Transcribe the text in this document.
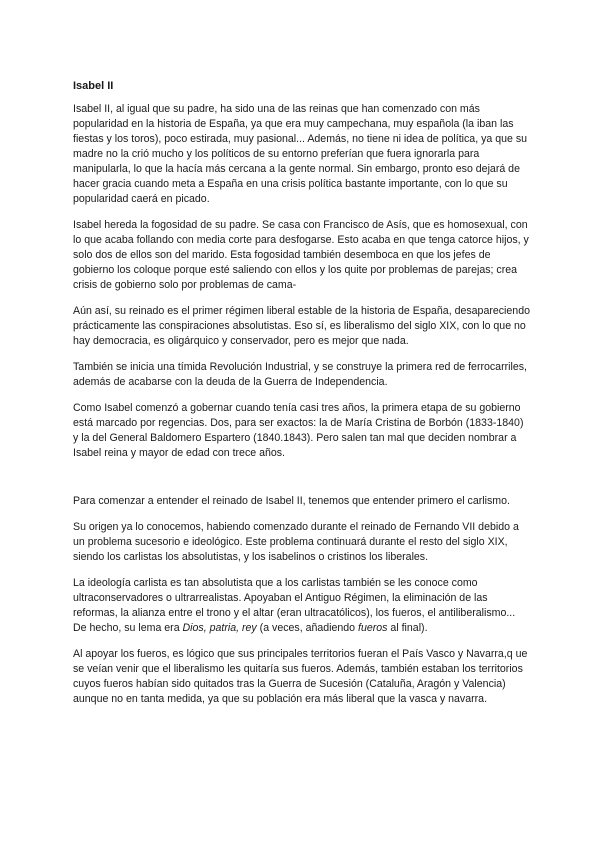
Isabel II

Isabel II, al igual que su padre, ha sido una de las reinas que han comenzado con más popularidad en la historia de España, ya que era muy campechana, muy española (la iban las fiestas y los toros), poco estirada, muy pasional... Además, no tiene ni idea de política, ya que su madre no la crió mucho y los políticos de su entorno preferían que fuera ignorarla para manipularla, lo que la hacía más cercana a la gente normal. Sin embargo, pronto eso dejará de hacer gracia cuando meta a España en una crisis política bastante importante, con lo que su popularidad caerá en picado.

Isabel hereda la fogosidad de su padre. Se casa con Francisco de Asís, que es homosexual, con lo que acaba follando con media corte para desfogarse. Esto acaba en que tenga catorce hijos, y solo dos de ellos son del marido. Esta fogosidad también desemboca en que los jefes de gobierno los coloque porque esté saliendo con ellos y los quite por problemas de parejas; crea crisis de gobierno solo por problemas de cama-

Aún así, su reinado es el primer régimen liberal estable de la historia de España, desapareciendo prácticamente las conspiraciones absolutistas. Eso sí, es liberalismo del siglo XIX, con lo que no hay democracia, es oligárquico y conservador, pero es mejor que nada.

También se inicia una tímida Revolución Industrial, y se construye la primera red de ferrocarriles, además de acabarse con la deuda de la Guerra de Independencia.

Como Isabel comenzó a gobernar cuando tenía casi tres años, la primera etapa de su gobierno está marcado por regencias. Dos, para ser exactos: la de María Cristina de Borbón (1833-1840) y la del General Baldomero Espartero (1840.1843). Pero salen tan mal que deciden nombrar a Isabel reina y mayor de edad con trece años.

Para comenzar a entender el reinado de Isabel II, tenemos que entender primero el carlismo.

Su origen ya lo conocemos, habiendo comenzado durante el reinado de Fernando VII debido a un problema sucesorio e ideológico. Este problema continuará durante el resto del siglo XIX, siendo los carlistas los absolutistas, y los isabelinos o cristinos los liberales.

La ideología carlista es tan absolutista que a los carlistas también se les conoce como ultraconservadores o ultrarrealistas. Apoyaban el Antiguo Régimen, la eliminación de las reformas, la alianza entre el trono y el altar (eran ultracatólicos), los fueros, el antiliberalismo... De hecho, su lema era Dios, patria, rey (a veces, añadiendo fueros al final).

Al apoyar los fueros, es lógico que sus principales territorios fueran el País Vasco y Navarra,q ue se veían venir que el liberalismo les quitaría sus fueros. Además, también estaban los territorios cuyos fueros habían sido quitados tras la Guerra de Sucesión (Cataluña, Aragón y Valencia) aunque no en tanta medida, ya que su población era más liberal que la vasca y navarra.
